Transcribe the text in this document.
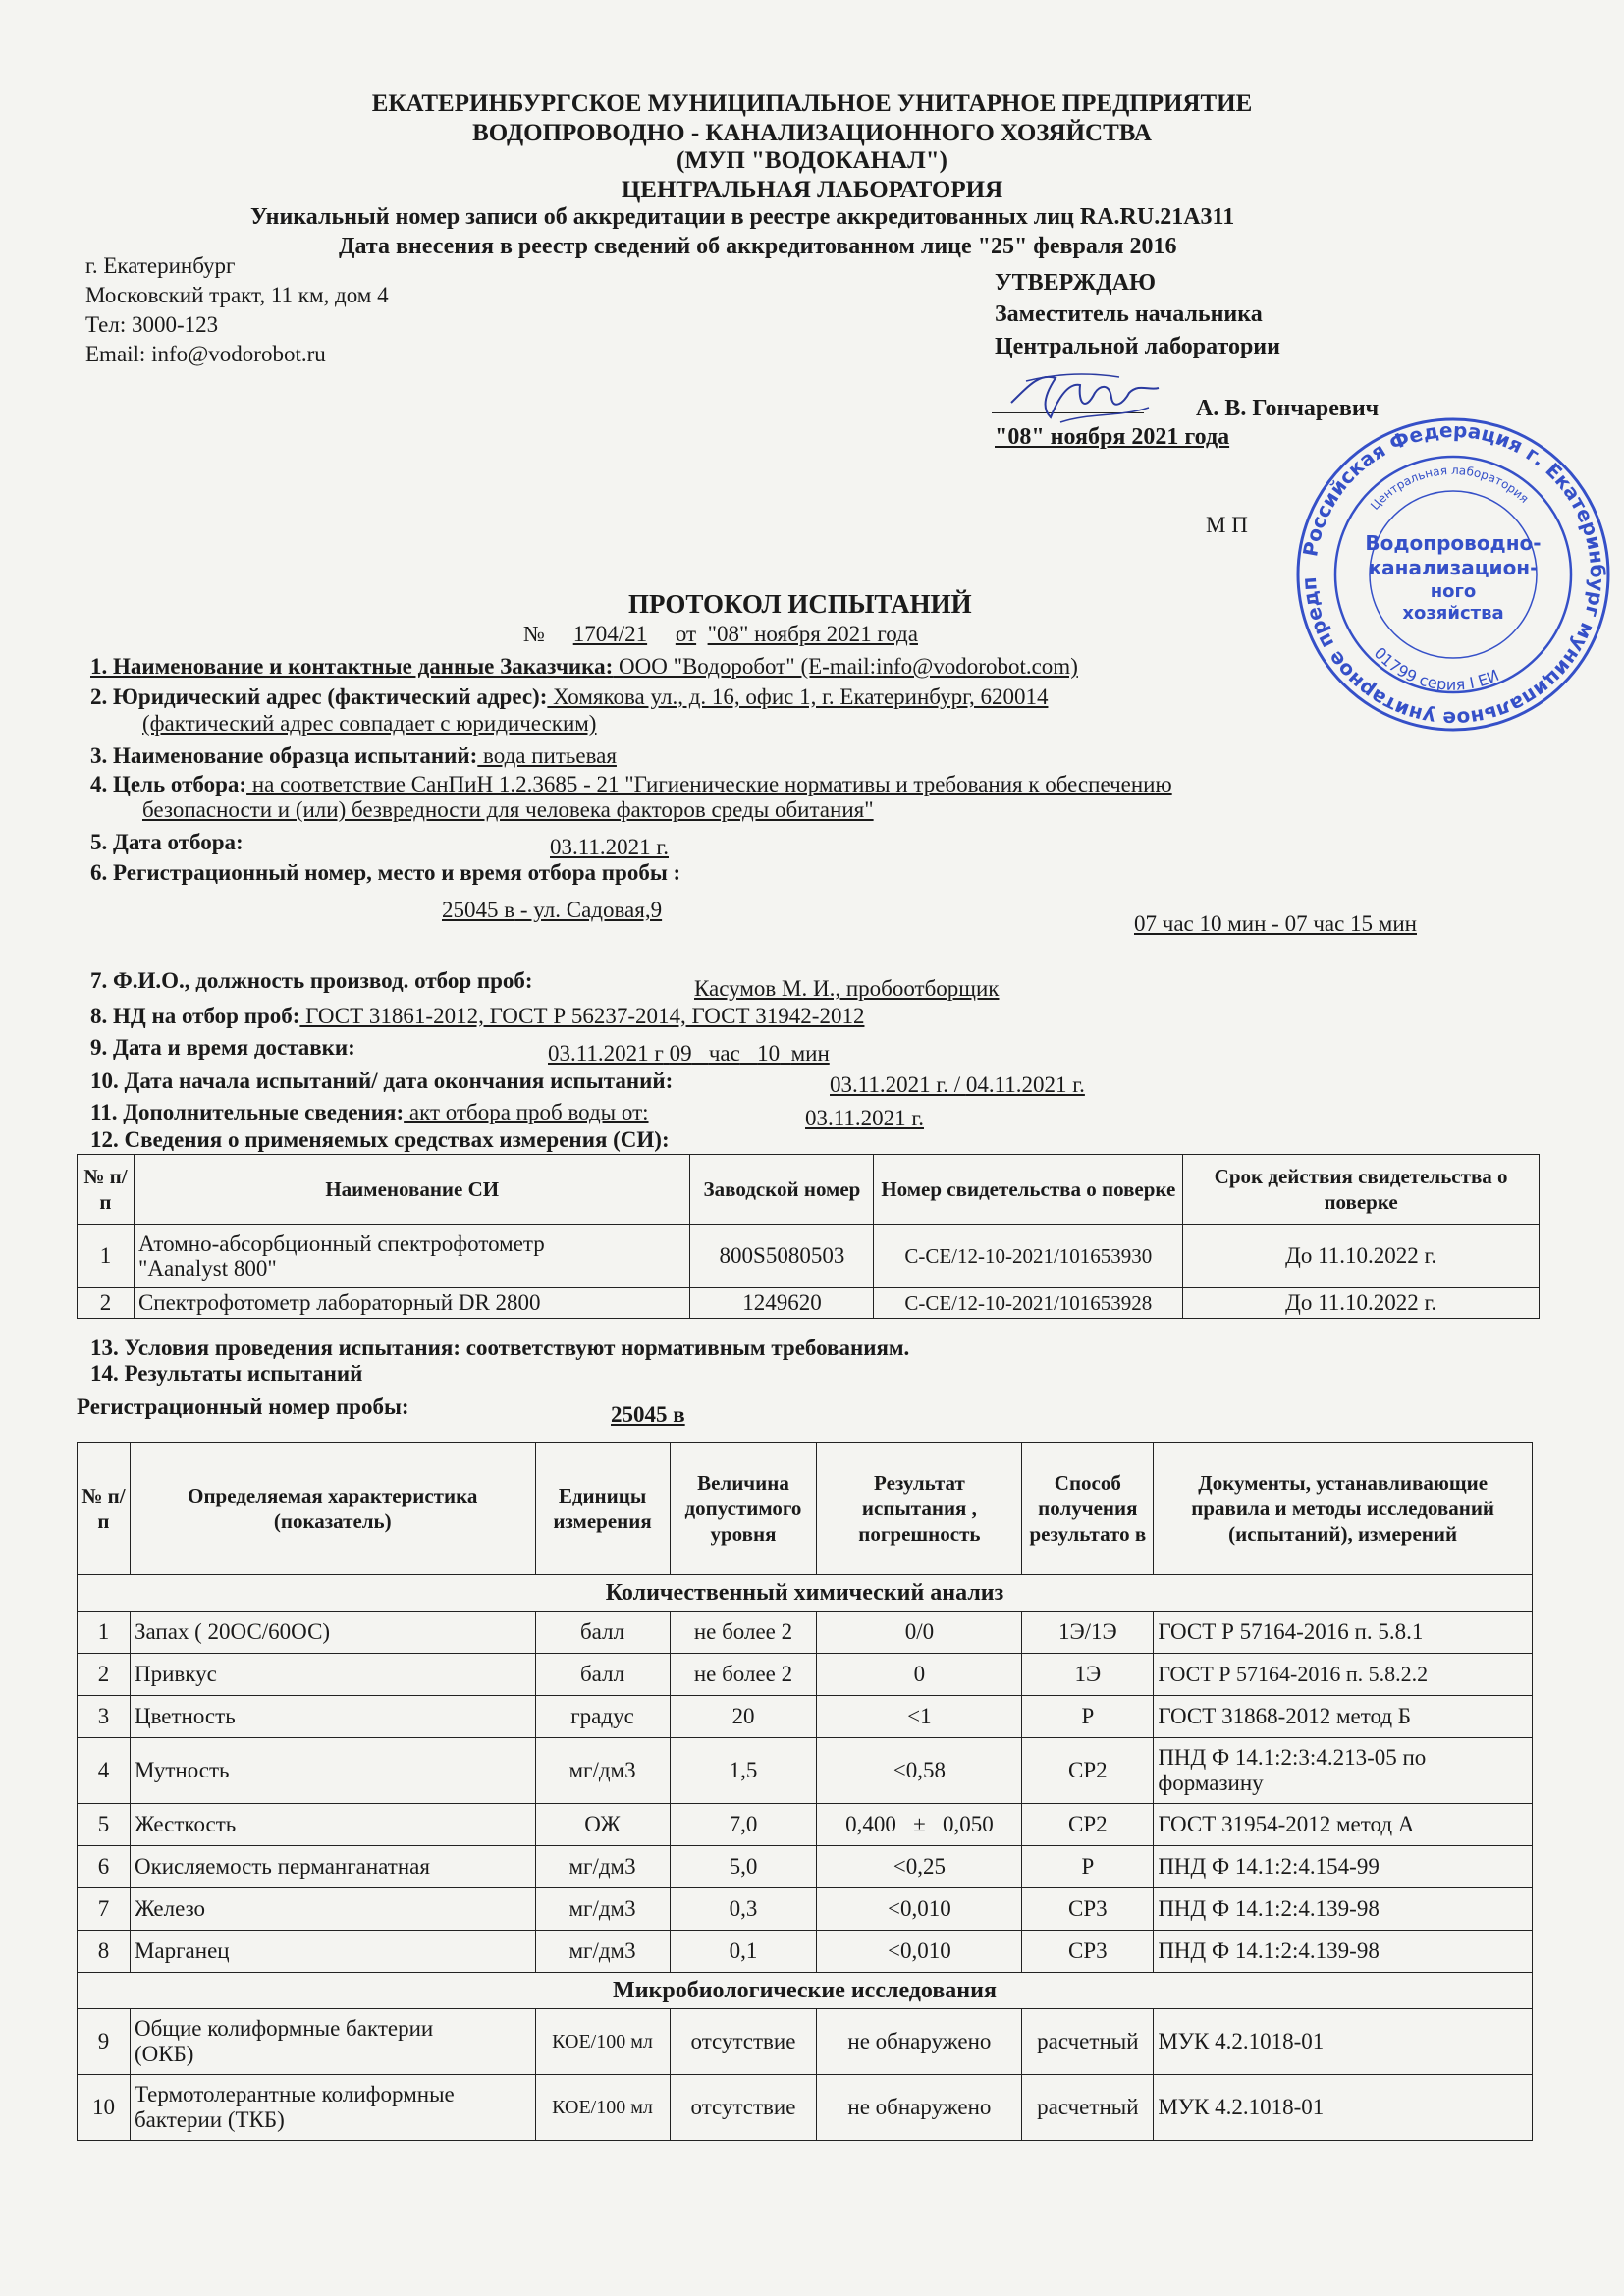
ЕКАТЕРИНБУРГСКОЕ МУНИЦИПАЛЬНОЕ УНИТАРНОЕ ПРЕДПРИЯТИЕ
ВОДОПРОВОДНО - КАНАЛИЗАЦИОННОГО ХОЗЯЙСТВА
(МУП "ВОДОКАНАЛ")
ЦЕНТРАЛЬНАЯ ЛАБОРАТОРИЯ
Уникальный номер записи об аккредитации в реестре аккредитованных лиц RA.RU.21A311
Дата внесения в реестр сведений об аккредитованном лице "25" февраля 2016
г. Екатеринбург
Московский тракт, 11 км, дом 4
Тел: 3000-123
Email: info@vodorobot.ru
УТВЕРЖДАЮ
Заместитель начальника
Центральной лаборатории
А. В. Гончаревич
"08" ноября 2021 года
М П
Российская Федерация г. Екатеринбург муниципальное унитарное предп
Центральная лаборатория
01799 серия I ЕИ
Водопроводно-
канализацион-
ного
хозяйства
ПРОТОКОЛ ИСПЫТАНИЙ
№ 1704/21 от "08" ноября 2021 года
1. Наименование и контактные данные Заказчика: ООО "Водоробот" (E-mail:info@vodorobot.com)
2. Юридический адрес (фактический адрес): Хомякова ул., д. 16, офис 1, г. Екатеринбург, 620014
(фактический адрес совпадает с юридическим)
3. Наименование образца испытаний: вода питьевая
4. Цель отбора: на соответствие СанПиН 1.2.3685 - 21 "Гигиенические нормативы и требования к обеспечению
безопасности и (или) безвредности для человека факторов среды обитания"
5. Дата отбора:	03.11.2021 г.
6. Регистрационный номер, место и время отбора пробы :
25045 в - ул. Садовая,9
07 час 10 мин - 07 час 15 мин
7. Ф.И.О., должность производ. отбор проб:	Касумов М. И., пробоотборщик
8. НД на отбор проб: ГОСТ 31861-2012, ГОСТ Р 56237-2014, ГОСТ 31942-2012
9. Дата и время доставки:	03.11.2021 г 09 час 10 мин
10. Дата начала испытаний/ дата окончания испытаний:	03.11.2021 г. / 04.11.2021 г.
11. Дополнительные сведения: акт отбора проб воды от:	03.11.2021 г.
12. Сведения о применяемых средствах измерения (СИ):
№ п/п	Наименование СИ	Заводской номер	Номер свидетельства о поверке	Срок действия свидетельства о поверке
1	Атомно-абсорбционный спектрофотометр
"Aanalyst 800"	800S5080503	С-СЕ/12-10-2021/101653930	До 11.10.2022 г.
2	Спектрофотометр лабораторный DR 2800	1249620	С-СЕ/12-10-2021/101653928	До 11.10.2022 г.
13. Условия проведения испытания: соответствуют нормативным требованиям.
14. Результаты испытаний
Регистрационный номер пробы:	25045 в
№ п/п	Определяемая характеристика (показатель)	Единицы измерения	Величина допустимого уровня	Результат испытания , погрешность	Способ получения результато в	Документы, устанавливающие правила и методы исследований (испытаний), измерений
Количественный химический анализ						
1	Запах ( 20ОС/60ОС)	балл	не более 2	0/0	1Э/1Э	ГОСТ Р 57164-2016 п. 5.8.1
2	Привкус	балл	не более 2	0	1Э	ГОСТ Р 57164-2016 п. 5.8.2.2
3	Цветность	градус	20	<1	Р	ГОСТ 31868-2012 метод Б
4	Мутность	мг/дм3	1,5	<0,58	СР2	ПНД Ф 14.1:2:3:4.213-05 по
формазину

5	Жесткость	ОЖ	7,0	0,400   ±   0,050	СР2	ГОСТ 31954-2012 метод А
6	Окисляемость перманганатная	мг/дм3	5,0	<0,25	Р	ПНД Ф 14.1:2:4.154-99
7	Железо	мг/дм3	0,3	<0,010	СР3	ПНД Ф 14.1:2:4.139-98
8	Марганец	мг/дм3	0,1	<0,010	СР3	ПНД Ф 14.1:2:4.139-98
Микробиологические исследования						
9	Общие колиформные бактерии
(ОКБ)	КОЕ/100 мл	отсутствие	не обнаружено	расчетный	МУК 4.2.1018-01
10	Термотолерантные колиформные
бактерии (ТКБ)	КОЕ/100 мл	отсутствие	не обнаружено	расчетный	МУК 4.2.1018-01
